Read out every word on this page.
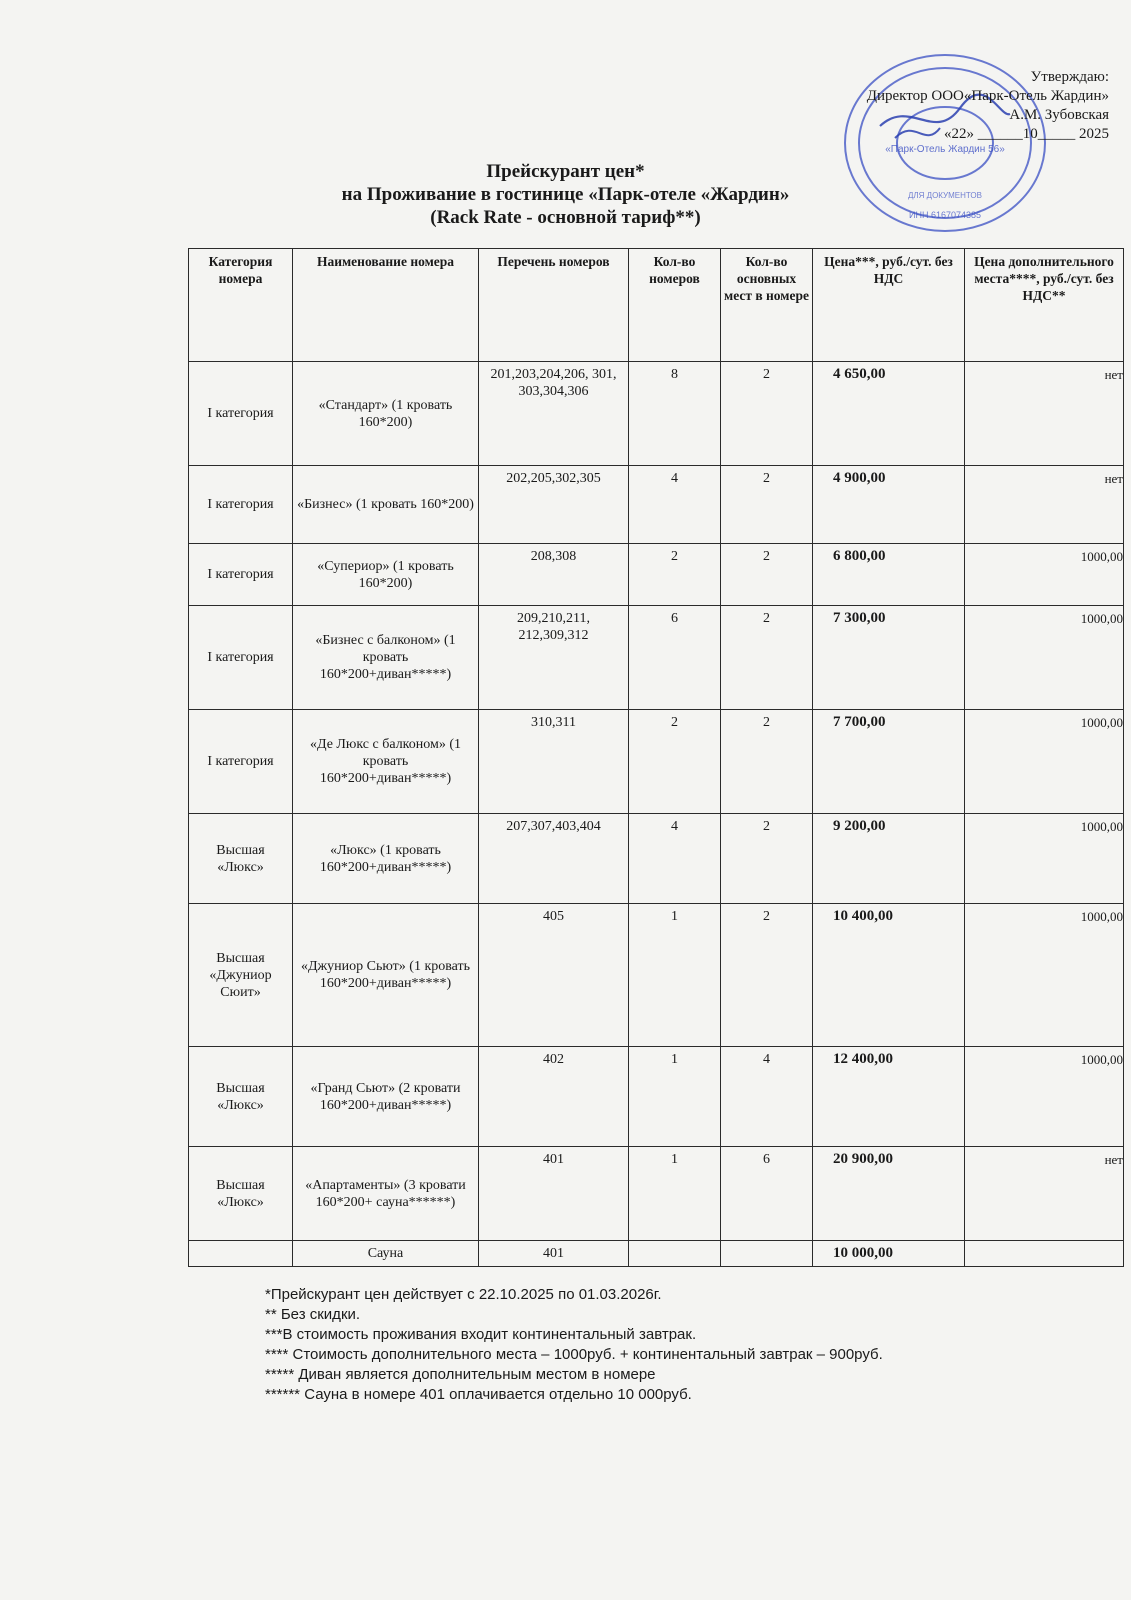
«Парк-Отель Жардин 56»
ИНН 6167074385
ДЛЯ ДОКУМЕНТОВ
Утверждаю:
Директор ООО«Парк-Отель Жардин»
А.М. Зубовская
«22» ______10_____ 2025
Прейскурант цен*
на Проживание в гостинице «Парк-отеле «Жардин»
(Rack Rate - основной тариф**)
Категория номера	Наименование номера	Перечень номеров	Кол-во номеров	Кол-во основных мест в номере	Цена***, руб./сут. без НДС	Цена дополнительного места****, руб./сут. без НДС**
I категория	«Стандарт» (1 кровать 160*200)	201,203,204,206, 301, 303,304,306	8	2	4 650,00	нет
I категория	«Бизнес» (1 кровать 160*200)	202,205,302,305	4	2	4 900,00	нет
I категория	«Супериор» (1 кровать 160*200)	208,308	2	2	6 800,00	1000,00
I категория	«Бизнес с балконом» (1 кровать 160*200+диван*****)	209,210,211, 212,309,312	6	2	7 300,00	1000,00
I категория	«Де Люкс с балконом» (1 кровать 160*200+диван*****)	310,311	2	2	7 700,00	1000,00
Высшая «Люкс»	«Люкс» (1 кровать 160*200+диван*****)	207,307,403,404	4	2	9 200,00	1000,00
Высшая «Джуниор Сюит»	«Джуниор Сьют» (1 кровать 160*200+диван*****)	405	1	2	10 400,00	1000,00
Высшая «Люкс»	«Гранд Сьют» (2 кровати 160*200+диван*****)	402	1	4	12 400,00	1000,00
Высшая «Люкс»	«Апартаменты» (3 кровати 160*200+ сауна******)	401	1	6	20 900,00	нет
	Сауна	401			10 000,00	
*Прейскурант цен действует с 22.10.2025 по 01.03.2026г.
** Без скидки.
***В стоимость проживания входит континентальный завтрак.
**** Стоимость дополнительного места – 1000руб. + континентальный завтрак – 900руб.
***** Диван является дополнительным местом в номере
****** Сауна в номере 401 оплачивается отдельно 10 000руб.
